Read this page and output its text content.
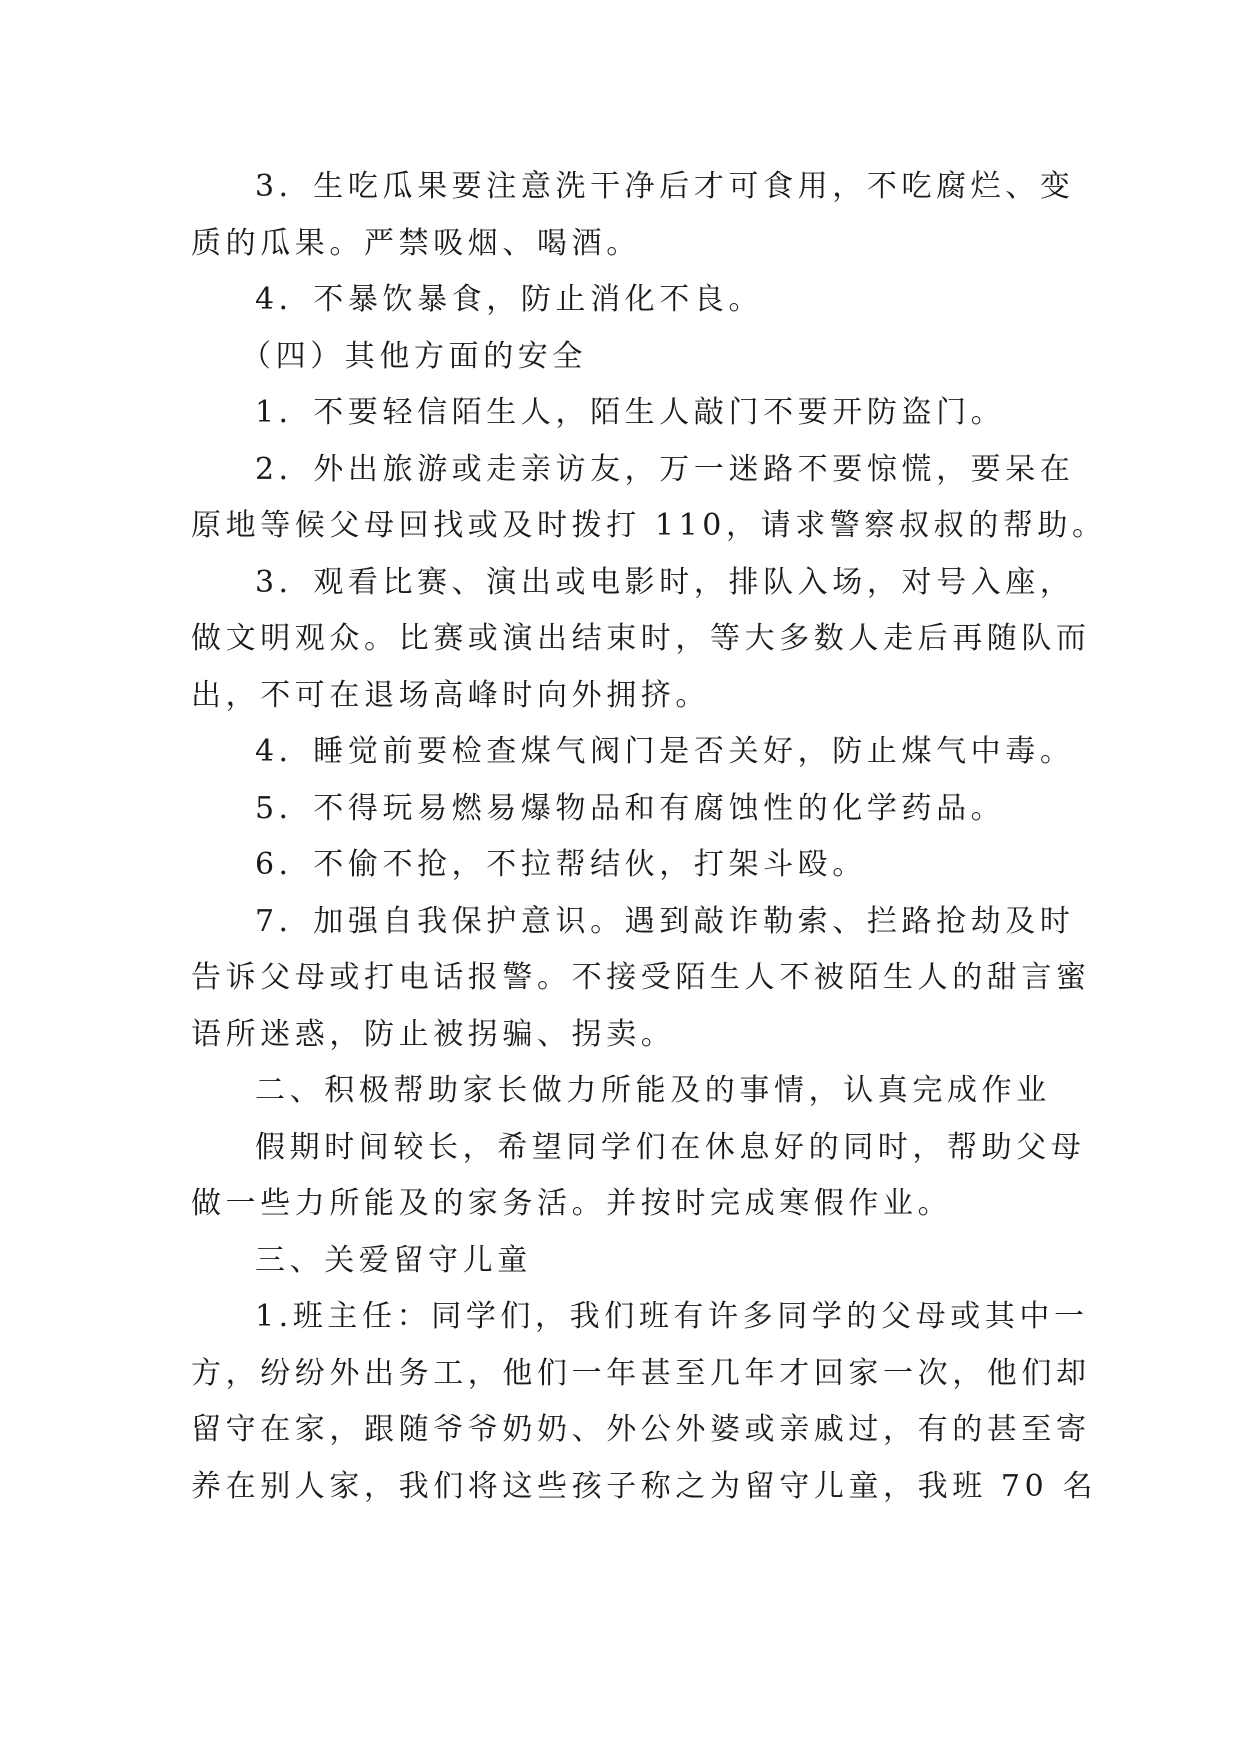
3．生吃瓜果要注意洗干净后才可食用，不吃腐烂、变
质的瓜果。严禁吸烟、喝酒。
4．不暴饮暴食，防止消化不良。
（四）其他方面的安全
1．不要轻信陌生人，陌生人敲门不要开防盗门。
2．外出旅游或走亲访友，万一迷路不要惊慌，要呆在
原地等候父母回找或及时拨打 110，请求警察叔叔的帮助。
3．观看比赛、演出或电影时，排队入场，对号入座，
做文明观众。比赛或演出结束时，等大多数人走后再随队而
出，不可在退场高峰时向外拥挤。
4．睡觉前要检查煤气阀门是否关好，防止煤气中毒。
5．不得玩易燃易爆物品和有腐蚀性的化学药品。
6．不偷不抢，不拉帮结伙，打架斗殴。
7．加强自我保护意识。遇到敲诈勒索、拦路抢劫及时
告诉父母或打电话报警。不接受陌生人不被陌生人的甜言蜜
语所迷惑，防止被拐骗、拐卖。
二、积极帮助家长做力所能及的事情，认真完成作业
假期时间较长，希望同学们在休息好的同时，帮助父母
做一些力所能及的家务活。并按时完成寒假作业。
三、关爱留守儿童
1.班主任：同学们，我们班有许多同学的父母或其中一
方，纷纷外出务工，他们一年甚至几年才回家一次，他们却
留守在家，跟随爷爷奶奶、外公外婆或亲戚过，有的甚至寄
养在别人家，我们将这些孩子称之为留守儿童，我班 70 名
